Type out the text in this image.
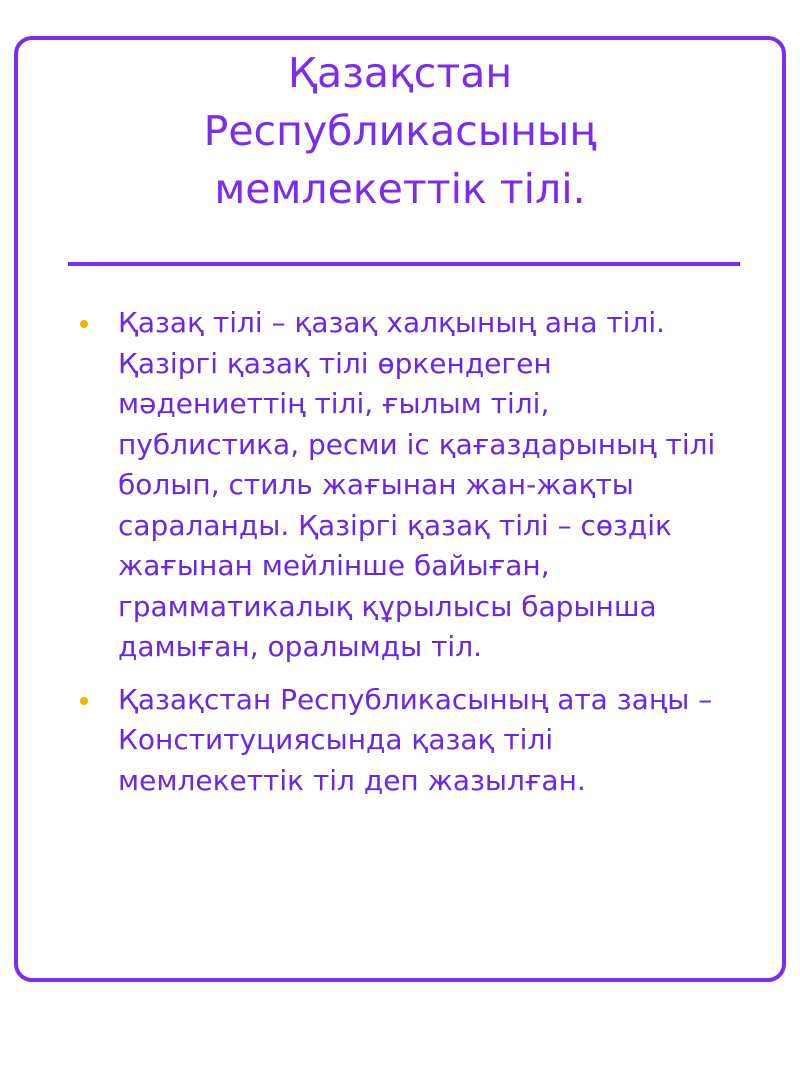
Қазақстан
Республикасының
мемлекеттік тілі.
Қазақ тілі – қазақ халқының ана тілі. Қазіргі қазақ тілі өркендеген мәдениеттің тілі, ғылым тілі, публистика, ресми іс қағаздарының тілі болып, стиль жағынан жан-жақты сараланды. Қазіргі қазақ тілі – сөздік жағынан мейлінше байыған, грамматикалық құрылысы барынша дамыған, оралымды тіл.
Қазақстан Республикасының ата заңы – Конституциясында қазақ тілі мемлекеттік тіл деп жазылған.
